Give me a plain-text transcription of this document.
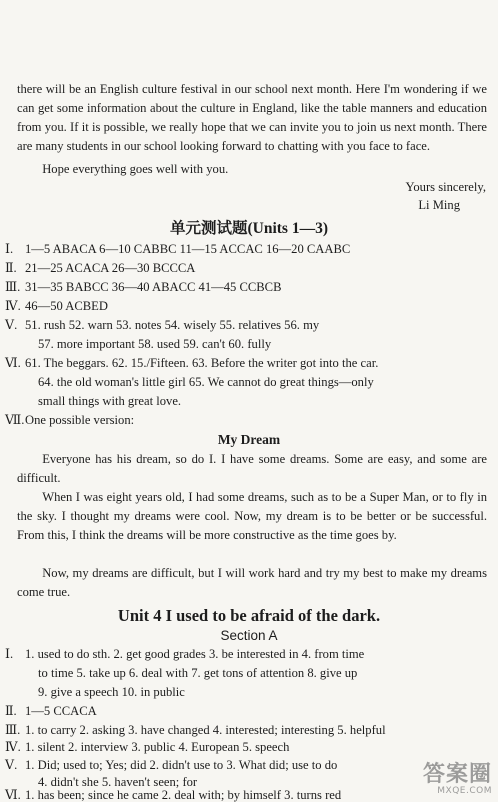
there will be an English culture festival in our school next month. Here I'm wondering if we can get some information about the culture in England, like the table manners and education from you. If it is possible, we really hope that we can invite you to join us next month. There are many students in our school looking forward to chatting with you face to face.
Hope everything goes well with you.
Yours sincerely,
Li Ming
单元测试题(Units 1—3)
Ⅰ. 1—5 ABACA 6—10 CABBC 11—15 ACCAC 16—20 CAABC
Ⅱ. 21—25 ACACA 26—30 BCCCA
Ⅲ. 31—35 BABCC 36—40 ABACC 41—45 CCBCB
Ⅳ. 46—50 ACBED
Ⅴ. 51. rush 52. warn 53. notes 54. wisely 55. relatives 56. my
57. more important 58. used 59. can't 60. fully
Ⅵ. 61. The beggars. 62. 15./Fifteen. 63. Before the writer got into the car.
64. the old woman's little girl 65. We cannot do great things—only
small things with great love.
Ⅶ.One possible version:
My Dream
Everyone has his dream, so do I. I have some dreams. Some are easy, and some are difficult.
When I was eight years old, I had some dreams, such as to be a Super Man, or to fly in the sky. I thought my dreams were cool. Now, my dream is to be better or be successful. From this, I think the dreams will be more constructive as the time goes by.
Now, my dreams are difficult, but I will work hard and try my best to make my dreams come true.
Unit 4 I used to be afraid of the dark.
Section A
Ⅰ. 1. used to do sth. 2. get good grades 3. be interested in 4. from time
to time 5. take up 6. deal with 7. get tons of attention 8. give up
9. give a speech 10. in public
Ⅱ. 1—5 CCACA
Ⅲ. 1. to carry 2. asking 3. have changed 4. interested; interesting 5. helpful
Ⅳ. 1. silent 2. interview 3. public 4. European 5. speech
Ⅴ. 1. Did; used to; Yes; did 2. didn't use to 3. What did; use to do
4. didn't she 5. haven't seen; for
Ⅵ. 1. has been; since he came 2. deal with; by himself 3. turns red
答案圈
MXQE.COM
